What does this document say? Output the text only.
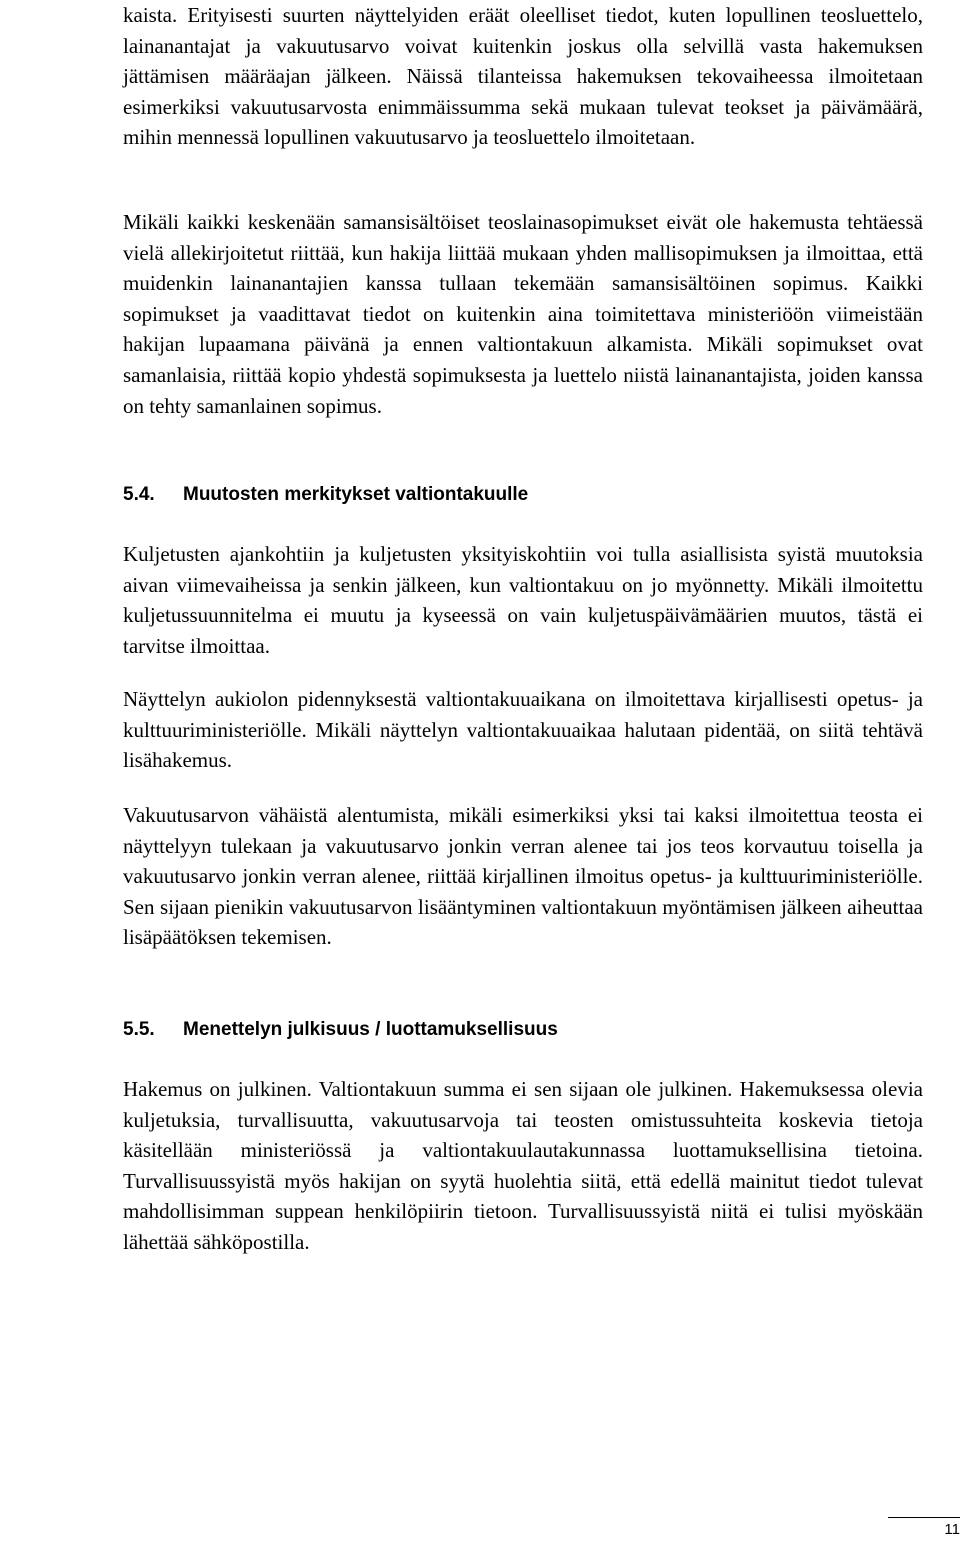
kaista. Erityisesti suurten näyttelyiden eräät oleelliset tiedot, kuten lopullinen teosluettelo, lainanantajat ja vakuutusarvo voivat kuitenkin joskus olla selvillä vasta hakemuksen jättämisen määräajan jälkeen. Näissä tilanteissa hakemuksen tekovaiheessa ilmoitetaan esimerkiksi vakuutusarvosta enimmäissumma sekä mukaan tulevat teokset ja päivämäärä, mihin mennessä lopullinen vakuutusarvo ja teosluettelo ilmoitetaan.

Mikäli kaikki keskenään samansisältöiset teoslainasopimukset eivät ole hakemusta tehtäessä vielä allekirjoitetut riittää, kun hakija liittää mukaan yhden mallisopimuksen ja ilmoittaa, että muidenkin lainanantajien kanssa tullaan tekemään samansisältöinen sopimus. Kaikki sopimukset ja vaadittavat tiedot on kuitenkin aina toimitettava ministeriöön viimeistään hakijan lupaamana päivänä ja ennen valtiontakuun alkamista. Mikäli sopimukset ovat samanlaisia, riittää kopio yhdestä sopimuksesta ja luettelo niistä lainanantajista, joiden kanssa on tehty samanlainen sopimus.

5.4. Muutosten merkitykset valtiontakuulle

Kuljetusten ajankohtiin ja kuljetusten yksityiskohtiin voi tulla asiallisista syistä muutoksia aivan viimevaiheissa ja senkin jälkeen, kun valtiontakuu on jo myönnetty. Mikäli ilmoitettu kuljetussuunnitelma ei muutu ja kyseessä on vain kuljetuspäivämäärien muutos, tästä ei tarvitse ilmoittaa.

Näyttelyn aukiolon pidennyksestä valtiontakuuaikana on ilmoitettava kirjallisesti opetus- ja kulttuuriministeriölle. Mikäli näyttelyn valtiontakuuaikaa halutaan pidentää, on siitä tehtävä lisähakemus.

Vakuutusarvon vähäistä alentumista, mikäli esimerkiksi yksi tai kaksi ilmoitettua teosta ei näyttelyyn tulekaan ja vakuutusarvo jonkin verran alenee tai jos teos korvautuu toisella ja vakuutusarvo jonkin verran alenee, riittää kirjallinen ilmoitus opetus- ja kulttuuriministeriölle. Sen sijaan pienikin vakuutusarvon lisääntyminen valtiontakuun myöntämisen jälkeen aiheuttaa lisäpäätöksen tekemisen.

5.5. Menettelyn julkisuus / luottamuksellisuus

Hakemus on julkinen. Valtiontakuun summa ei sen sijaan ole julkinen. Hakemuksessa olevia kuljetuksia, turvallisuutta, vakuutusarvoja tai teosten omistussuhteita koskevia tietoja käsitellään ministeriössä ja valtiontakuulautakunnassa luottamuksellisina tietoina. Turvallisuussyistä myös hakijan on syytä huolehtia siitä, että edellä mainitut tiedot tulevat mahdollisimman suppean henkilöpiirin tietoon. Turvallisuussyistä niitä ei tulisi myöskään lähettää sähköpostilla.

11
